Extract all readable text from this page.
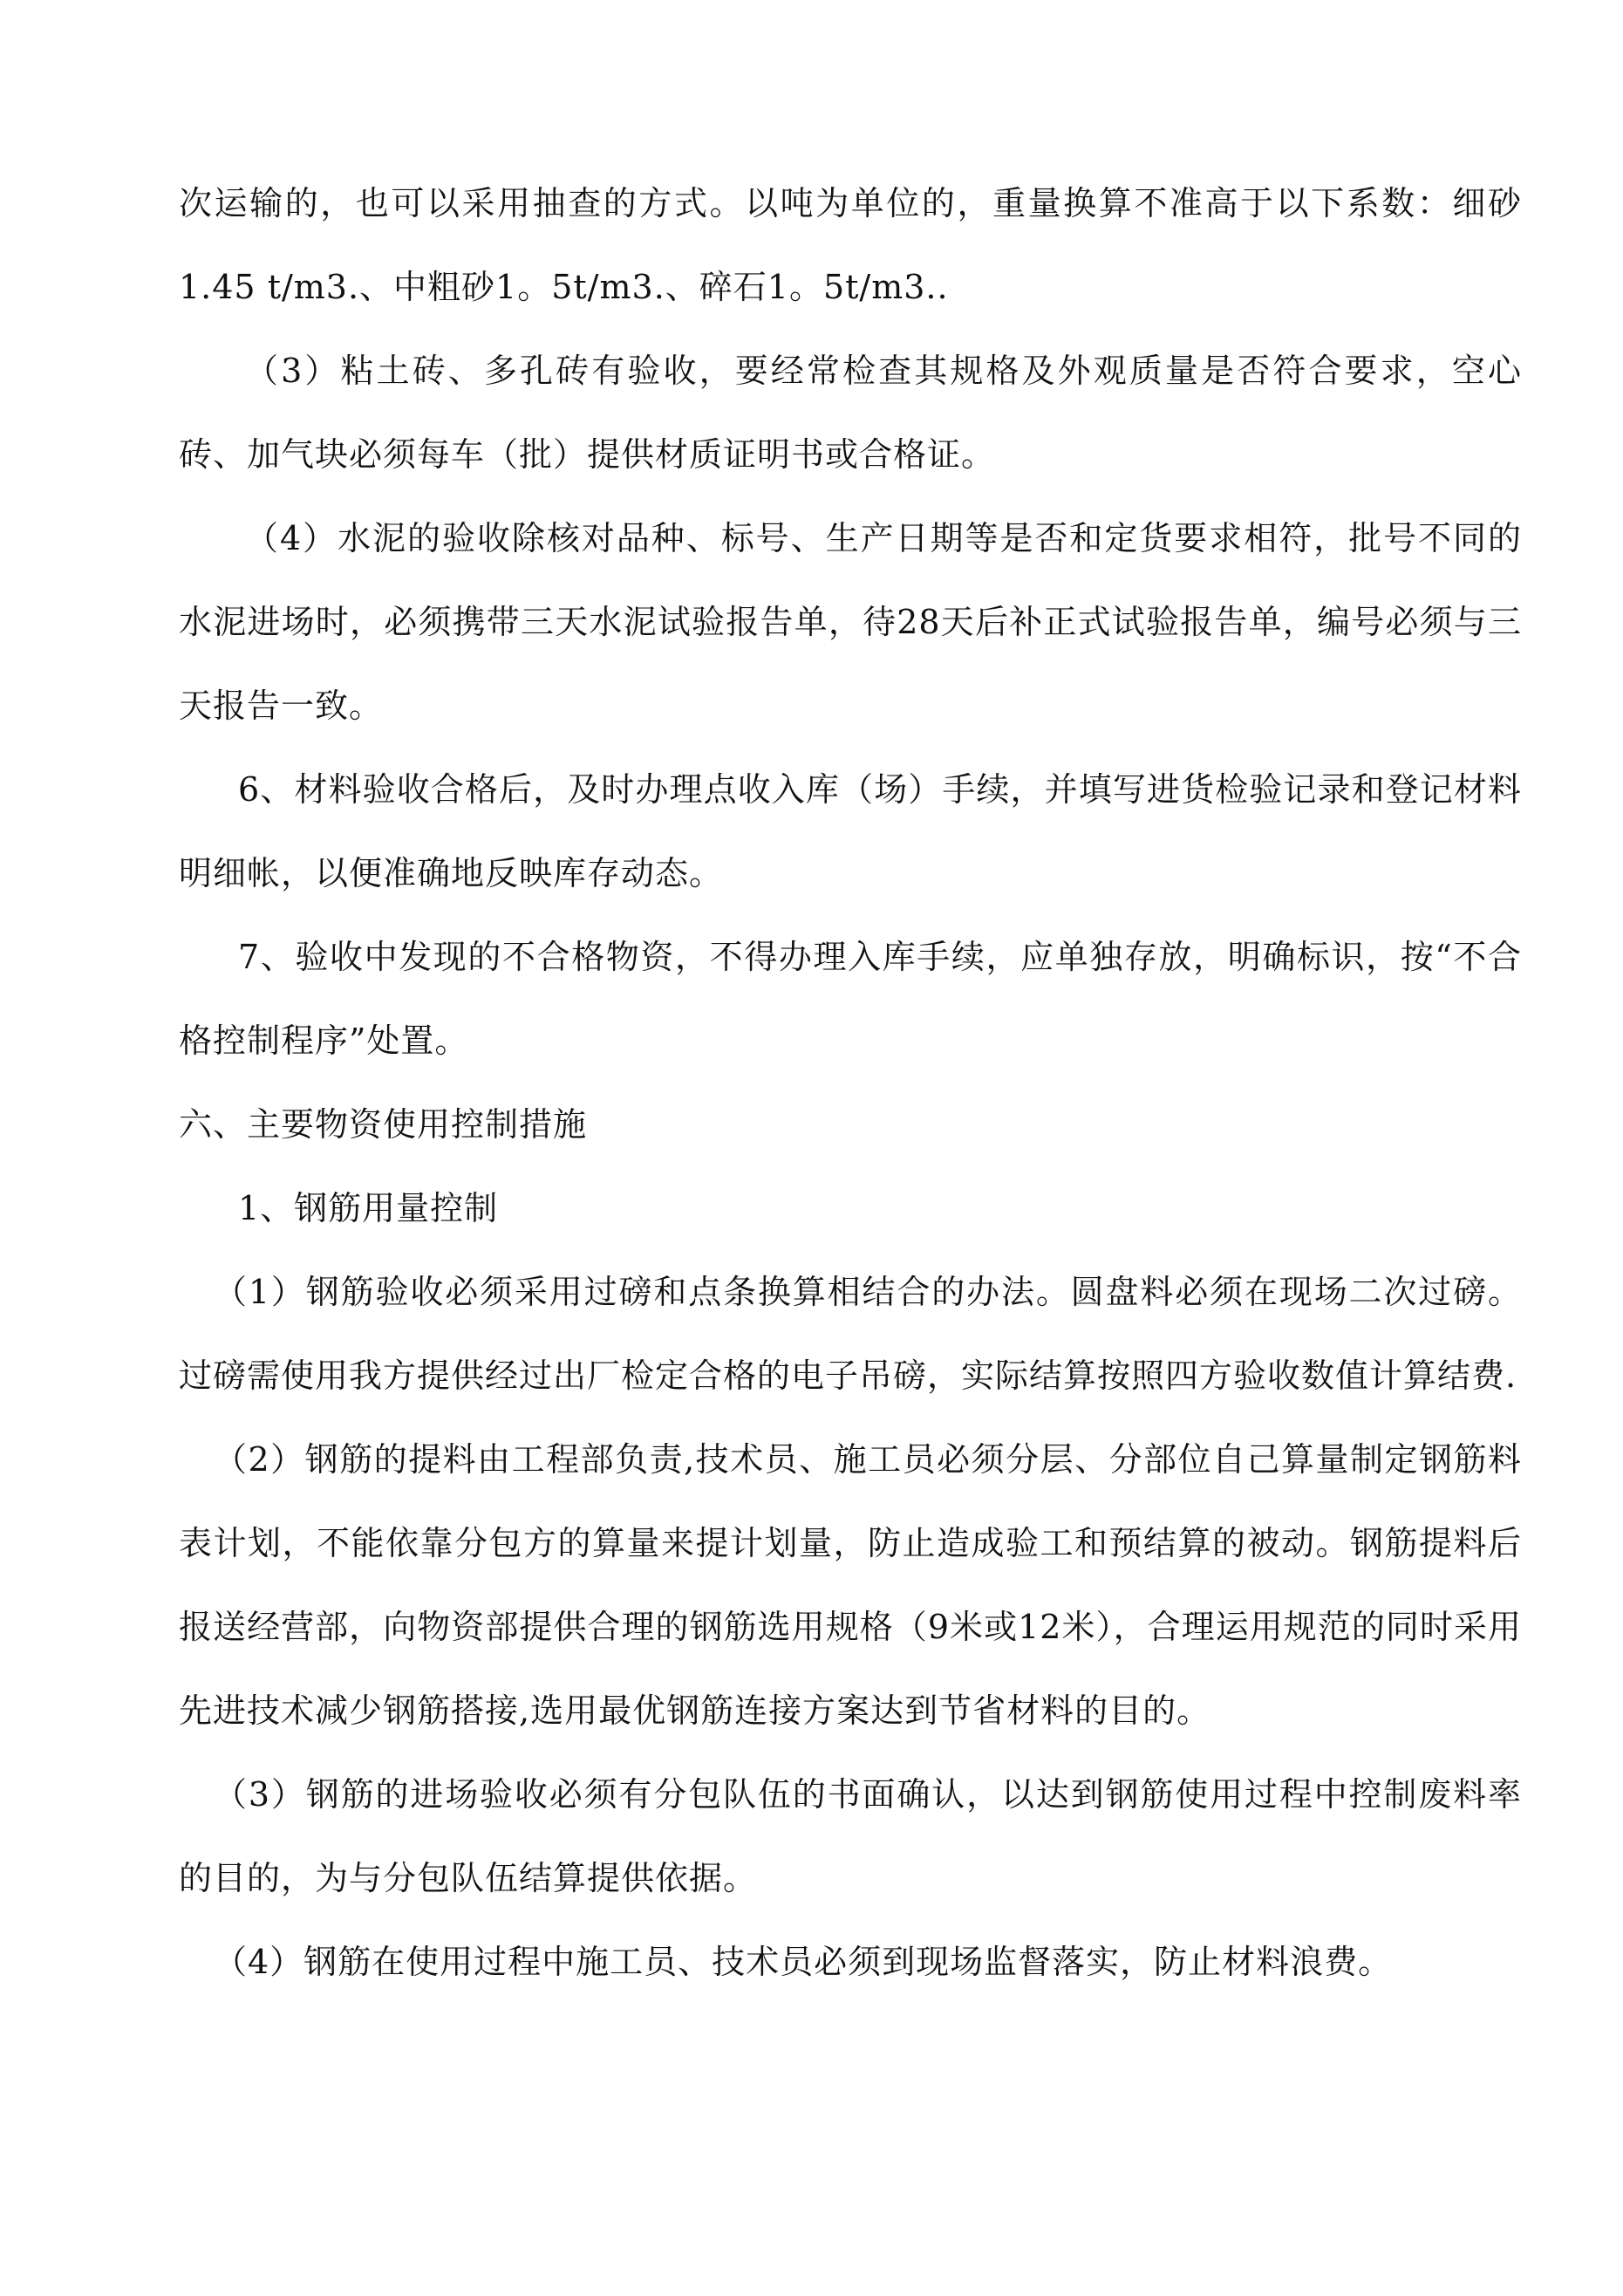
次运输的，也可以采用抽查的方式。以吨为单位的，重量换算不准高于以下系数：细砂1.45 t/m3.、中粗砂1。5t/m3.、碎石1。5t/m3..

（3）粘土砖、多孔砖有验收，要经常检查其规格及外观质量是否符合要求，空心砖、加气块必须每车（批）提供材质证明书或合格证。

（4）水泥的验收除核对品种、标号、生产日期等是否和定货要求相符，批号不同的水泥进场时，必须携带三天水泥试验报告单，待28天后补正式试验报告单，编号必须与三天报告一致。

6、材料验收合格后，及时办理点收入库（场）手续，并填写进货检验记录和登记材料明细帐，以便准确地反映库存动态。

7、验收中发现的不合格物资，不得办理入库手续，应单独存放，明确标识，按“不合格控制程序”处置。

六、主要物资使用控制措施

1、钢筋用量控制

（1）钢筋验收必须采用过磅和点条换算相结合的办法。圆盘料必须在现场二次过磅。过磅需使用我方提供经过出厂检定合格的电子吊磅，实际结算按照四方验收数值计算结费.

（2）钢筋的提料由工程部负责,技术员、施工员必须分层、分部位自己算量制定钢筋料表计划，不能依靠分包方的算量来提计划量，防止造成验工和预结算的被动。钢筋提料后报送经营部，向物资部提供合理的钢筋选用规格（9米或12米），合理运用规范的同时采用先进技术减少钢筋搭接,选用最优钢筋连接方案达到节省材料的目的。

（3）钢筋的进场验收必须有分包队伍的书面确认，以达到钢筋使用过程中控制废料率的目的，为与分包队伍结算提供依据。

（4）钢筋在使用过程中施工员、技术员必须到现场监督落实，防止材料浪费。
